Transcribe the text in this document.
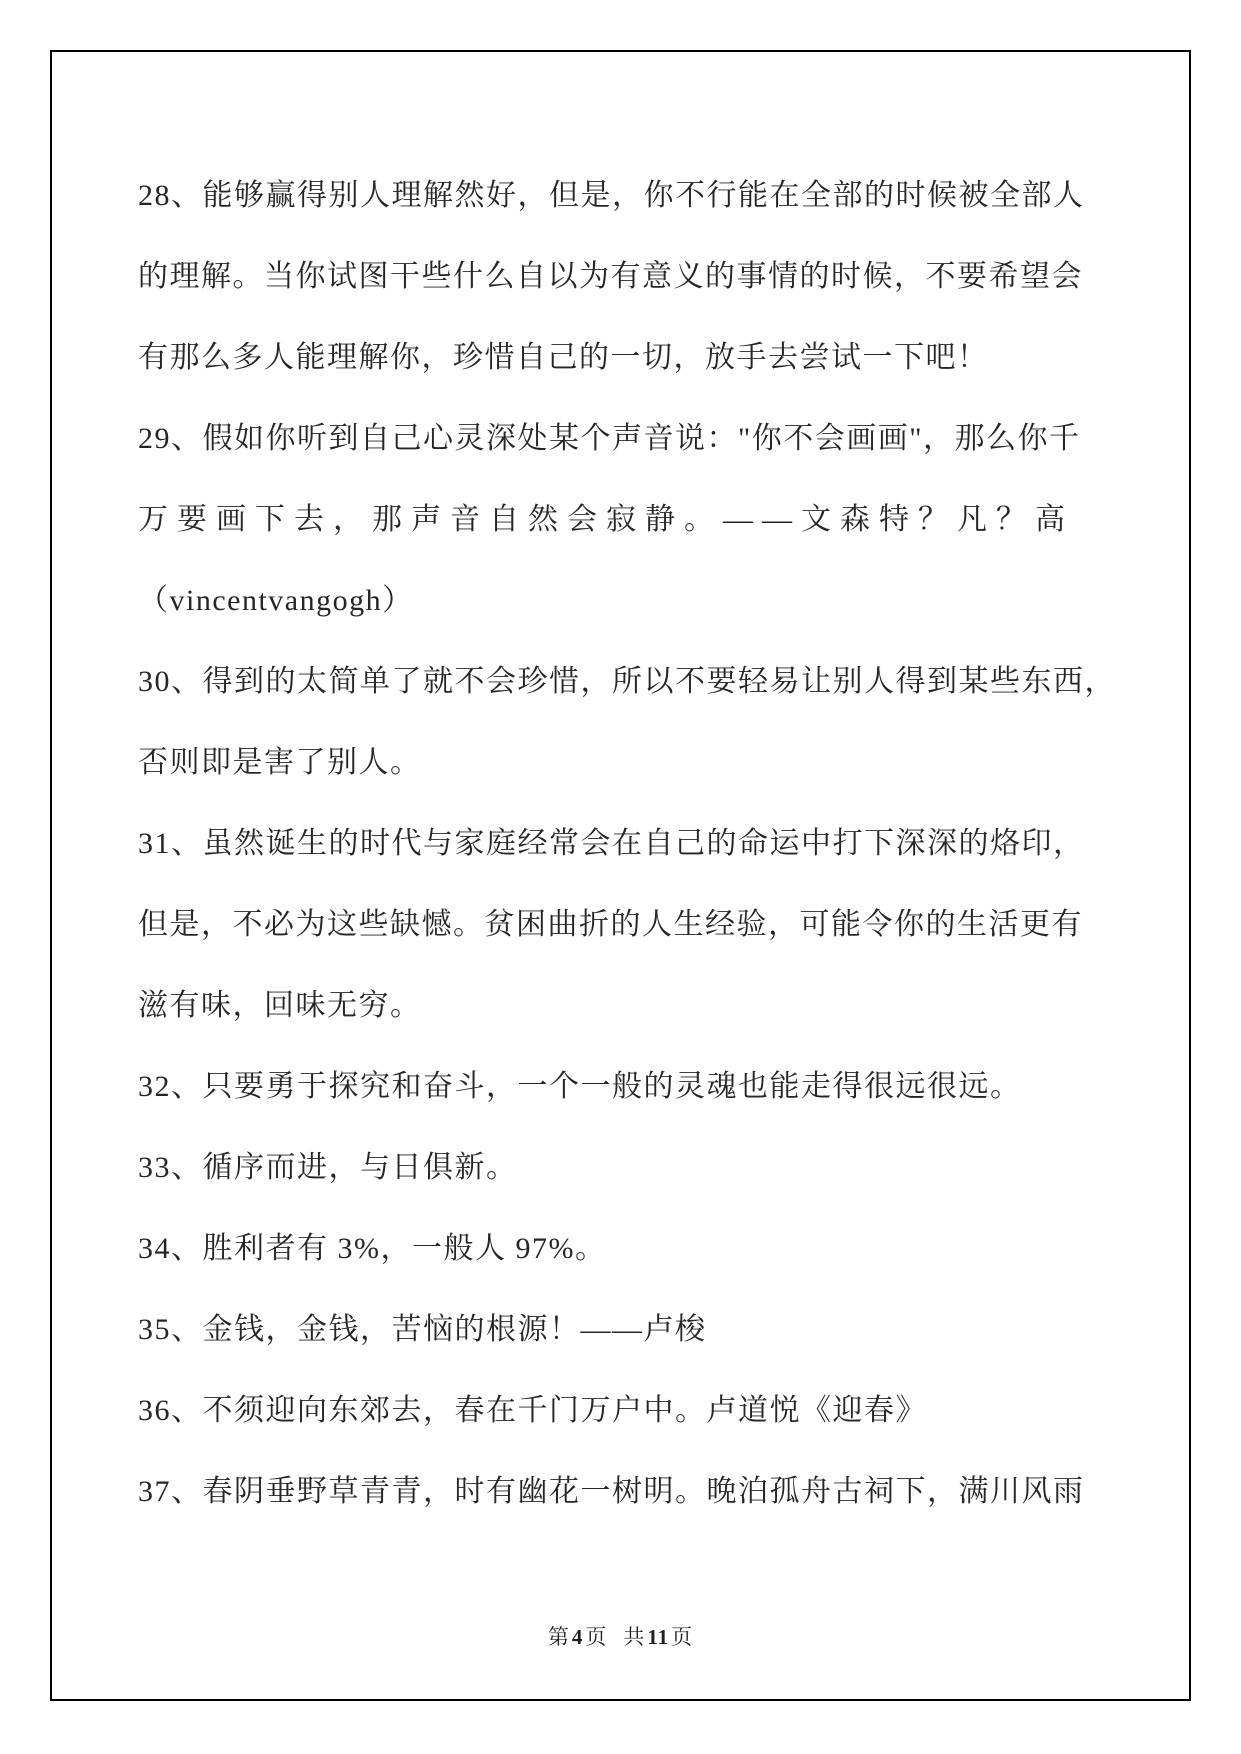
28、能够赢得别人理解然好，但是，你不行能在全部的时候被全部人
的理解。当你试图干些什么自以为有意义的事情的时候，不要希望会
有那么多人能理解你，珍惜自己的一切，放手去尝试一下吧！
29、假如你听到自己心灵深处某个声音说："你不会画画"，那么你千
万要画下去，那声音自然会寂静。——文森特？凡？高
（vincentvangogh）
30、得到的太简单了就不会珍惜，所以不要轻易让别人得到某些东西，
否则即是害了别人。
31、虽然诞生的时代与家庭经常会在自己的命运中打下深深的烙印，
但是，不必为这些缺憾。贫困曲折的人生经验，可能令你的生活更有
滋有味，回味无穷。
32、只要勇于探究和奋斗，一个一般的灵魂也能走得很远很远。
33、循序而进，与日俱新。
34、胜利者有 3%，一般人 97%。
35、金钱，金钱，苦恼的根源！——卢梭
36、不须迎向东郊去，春在千门万户中。卢道悦《迎春》
37、春阴垂野草青青，时有幽花一树明。晚泊孤舟古祠下，满川风雨
第4页 共11页
